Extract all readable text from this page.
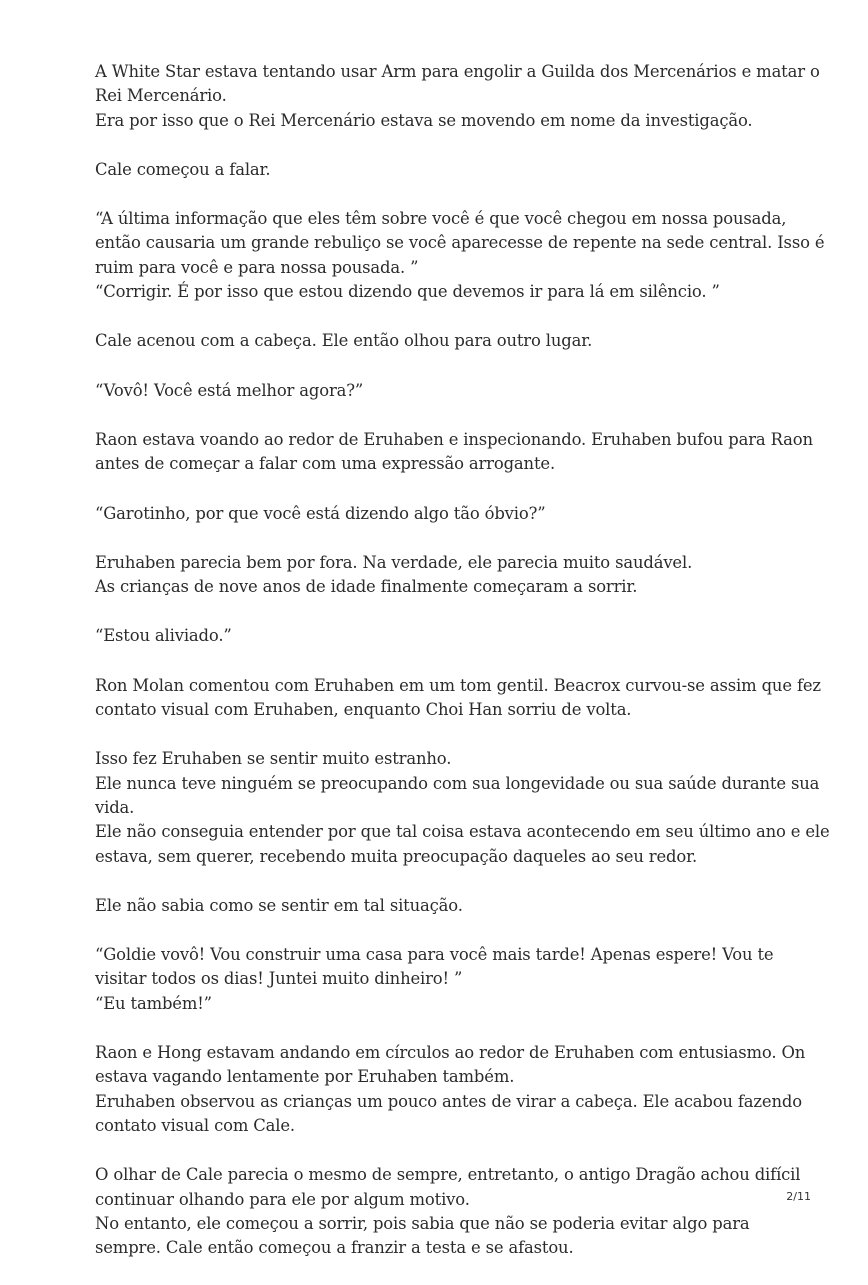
A White Star estava tentando usar Arm para engolir a Guilda dos Mercenários e matar o
Rei Mercenário.
Era por isso que o Rei Mercenário estava se movendo em nome da investigação.

Cale começou a falar.

“A última informação que eles têm sobre você é que você chegou em nossa pousada,
então causaria um grande rebuliço se você aparecesse de repente na sede central. Isso é
ruim para você e para nossa pousada. ”
“Corrigir. É por isso que estou dizendo que devemos ir para lá em silêncio. ”

Cale acenou com a cabeça. Ele então olhou para outro lugar.

“Vovô! Você está melhor agora?”

Raon estava voando ao redor de Eruhaben e inspecionando. Eruhaben bufou para Raon
antes de começar a falar com uma expressão arrogante.

“Garotinho, por que você está dizendo algo tão óbvio?”

Eruhaben parecia bem por fora. Na verdade, ele parecia muito saudável.
As crianças de nove anos de idade finalmente começaram a sorrir.

“Estou aliviado.”

Ron Molan comentou com Eruhaben em um tom gentil. Beacrox curvou-se assim que fez
contato visual com Eruhaben, enquanto Choi Han sorriu de volta.

Isso fez Eruhaben se sentir muito estranho.
Ele nunca teve ninguém se preocupando com sua longevidade ou sua saúde durante sua
vida.
Ele não conseguia entender por que tal coisa estava acontecendo em seu último ano e ele
estava, sem querer, recebendo muita preocupação daqueles ao seu redor.

Ele não sabia como se sentir em tal situação.

“Goldie vovô! Vou construir uma casa para você mais tarde! Apenas espere! Vou te
visitar todos os dias! Juntei muito dinheiro! ”
“Eu também!”

Raon e Hong estavam andando em círculos ao redor de Eruhaben com entusiasmo. On
estava vagando lentamente por Eruhaben também.
Eruhaben observou as crianças um pouco antes de virar a cabeça. Ele acabou fazendo
contato visual com Cale.

O olhar de Cale parecia o mesmo de sempre, entretanto, o antigo Dragão achou difícil
continuar olhando para ele por algum motivo.
No entanto, ele começou a sorrir, pois sabia que não se poderia evitar algo para
sempre. Cale então começou a franzir a testa e se afastou.

2/11
